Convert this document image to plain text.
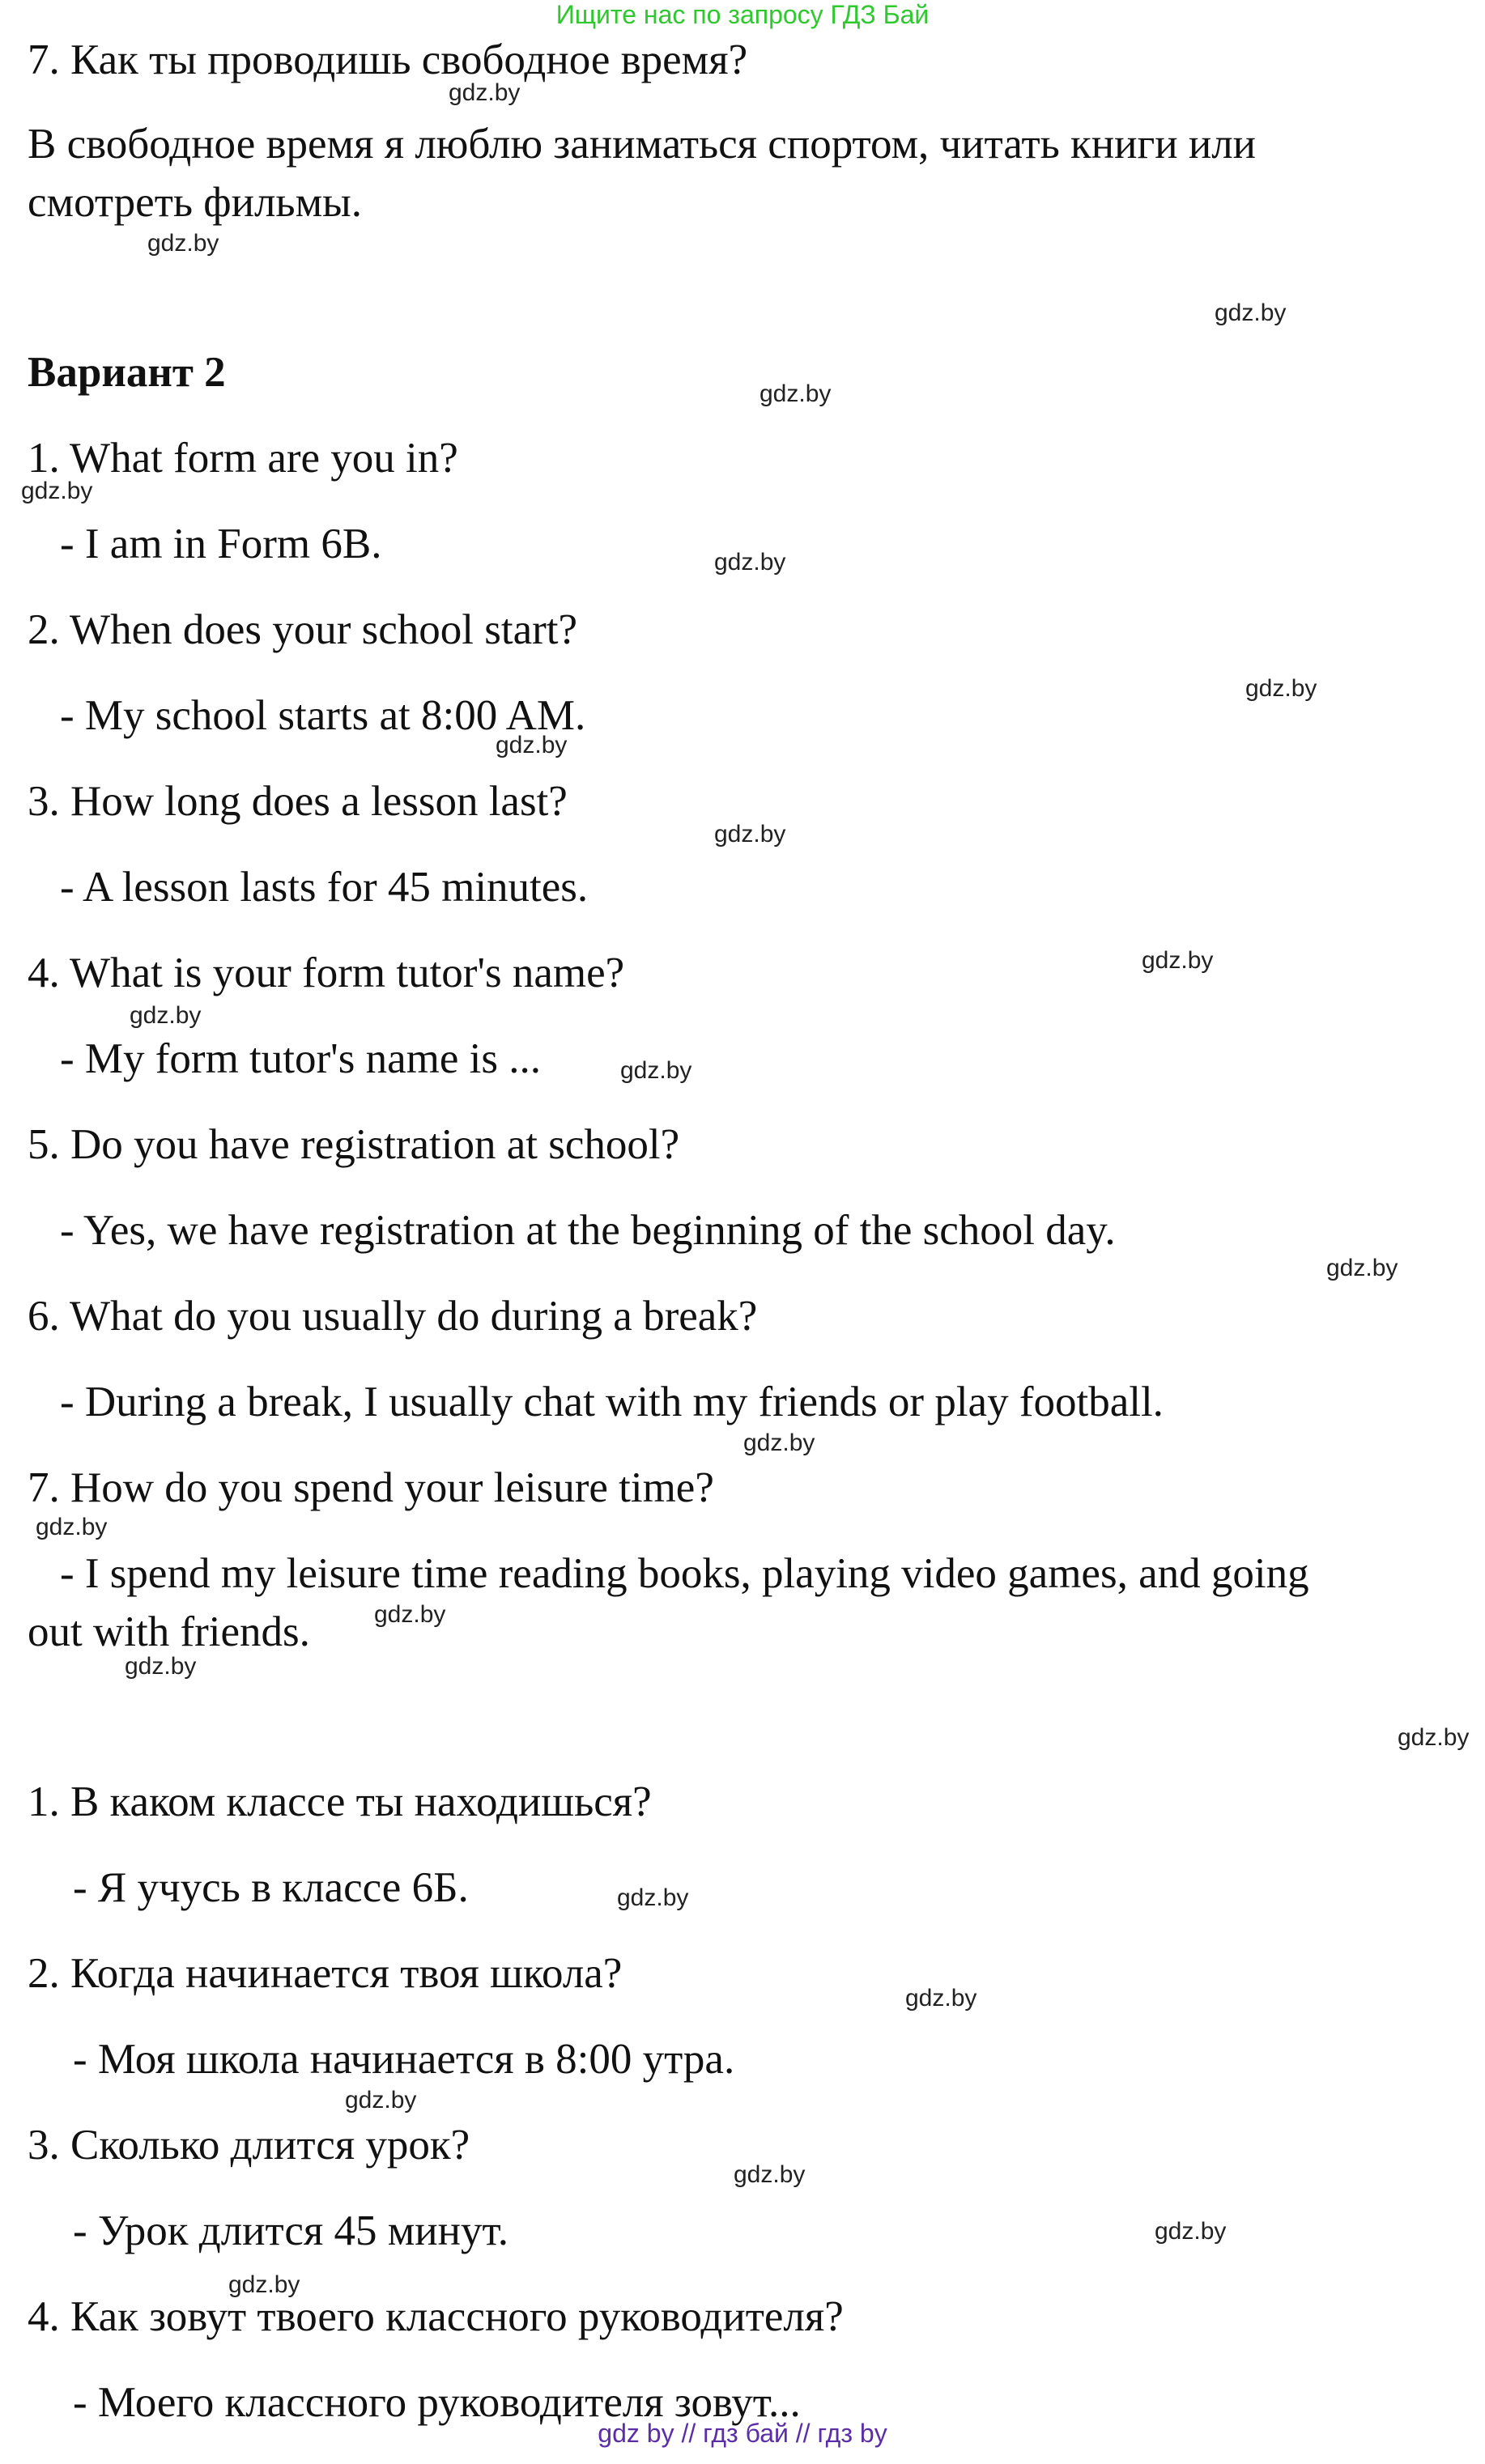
Ищите нас по запросу ГДЗ Бай
7. Как ты проводишь свободное время?
В свободное время я люблю заниматься спортом, читать книги или
смотреть фильмы.
Вариант 2
1. What form are you in?
- I am in Form 6B.
2. When does your school start?
- My school starts at 8:00 AM.
3. How long does a lesson last?
- A lesson lasts for 45 minutes.
4. What is your form tutor's name?
- My form tutor's name is ...
5. Do you have registration at school?
- Yes, we have registration at the beginning of the school day.
6. What do you usually do during a break?
- During a break, I usually chat with my friends or play football.
7. How do you spend your leisure time?
- I spend my leisure time reading books, playing video games, and going
out with friends.
1. В каком классе ты находишься?
- Я учусь в классе 6Б.
2. Когда начинается твоя школа?
- Моя школа начинается в 8:00 утра.
3. Сколько длится урок?
- Урок длится 45 минут.
4. Как зовут твоего классного руководителя?
- Моего классного руководителя зовут...
gdz.by
gdz.by
gdz.by
gdz.by
gdz.by
gdz.by
gdz.by
gdz.by
gdz.by
gdz.by
gdz.by
gdz.by
gdz.by
gdz.by
gdz.by
gdz.by
gdz.by
gdz.by
gdz.by
gdz.by
gdz.by
gdz.by
gdz.by
gdz.by
gdz by // гдз бай // гдз by
